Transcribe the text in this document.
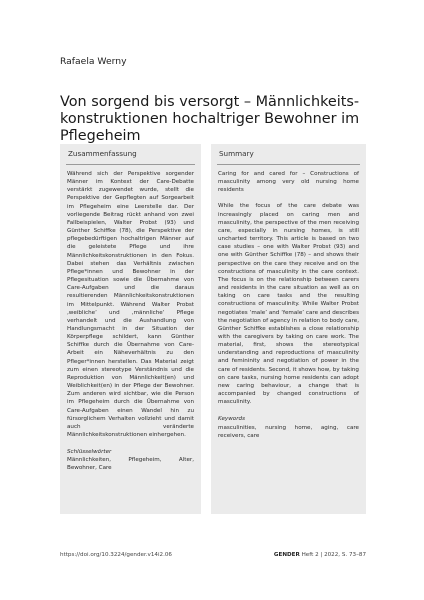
Rafaela Werny
Von sorgend bis versorgt – Männlichkeitskonstruktionen hochaltriger Bewohner im Pflegeheim
Zusammenfassung

Während sich der Perspektive sorgender Männer im Kontext der Care-Debatte verstärkt zugewendet wurde, stellt die Perspektive der Gepflegten auf Sorgearbeit im Pflegeheim eine Leerstelle dar. Der vorliegende Beitrag rückt anhand von zwei Fallbeispielen, Walter Probst (93) und Günther Schiffke (78), die Perspektive der pflegebedürftigen hochaltrigen Männer auf die geleistete Pflege und ihre Männlichkeitskonstruktionen in den Fokus. Dabei stehen das Verhältnis zwischen Pflege*innen und Bewohner in der Pflegesituation sowie die Übernahme von Care-Aufgaben und die daraus resultierenden Männlichkeitskonstruktionen im Mittelpunkt. Während Walter Probst ‚weibliche‘ und ‚männliche‘ Pflege verhandelt und die Aushandlung von Handlungsmacht in der Situation der Körperpflege schildert, kann Günther Schiffke durch die Übernahme von Care-Arbeit ein Näheverhältnis zu den Pfleger*innen herstellen. Das Material zeigt zum einen stereotype Verständnis und die Reproduktion von Männlichkeit(en) und Weiblichkeit(en) in der Pflege der Bewohner. Zum anderen wird sichtbar, wie die Person im Pflegeheim durch die Übernahme von Care-Aufgaben einen Wandel hin zu fürsorglichem Verhalten vollzieht und damit auch veränderte Männlichkeitskonstruktionen einhergehen.

Schlüsselwörter
Männlichkeiten, Pflegeheim, Alter, Bewohner, Care
Summary

Caring for and cared for – Constructions of masculinity among very old nursing home residents

While the focus of the care debate was increasingly placed on caring men and masculinity, the perspective of the men receiving care, especially in nursing homes, is still uncharted territory. This article is based on two case studies – one with Walter Probst (93) and one with Günther Schiffke (78) – and shows their perspective on the care they receive and on the constructions of masculinity in the care context. The focus is on the relationship between carers and residents in the care situation as well as on taking on care tasks and the resulting constructions of masculinity. While Walter Probst negotiates ‘male’ and ‘female’ care and describes the negotiation of agency in relation to body care, Günther Schiffke establishes a close relationship with the caregivers by taking on care work. The material, first, shows the stereotypical understanding and reproductions of masculinity and femininity and negotiation of power in the care of residents. Second, it shows how, by taking on care tasks, nursing home residents can adopt new caring behaviour, a change that is accompanied by changed constructions of masculinity.

Keywords
masculinities, nursing home, aging, care receivers, care
https://doi.org/10.3224/gender.v14i2.06	GENDER Heft 2 | 2022, S. 73–87
